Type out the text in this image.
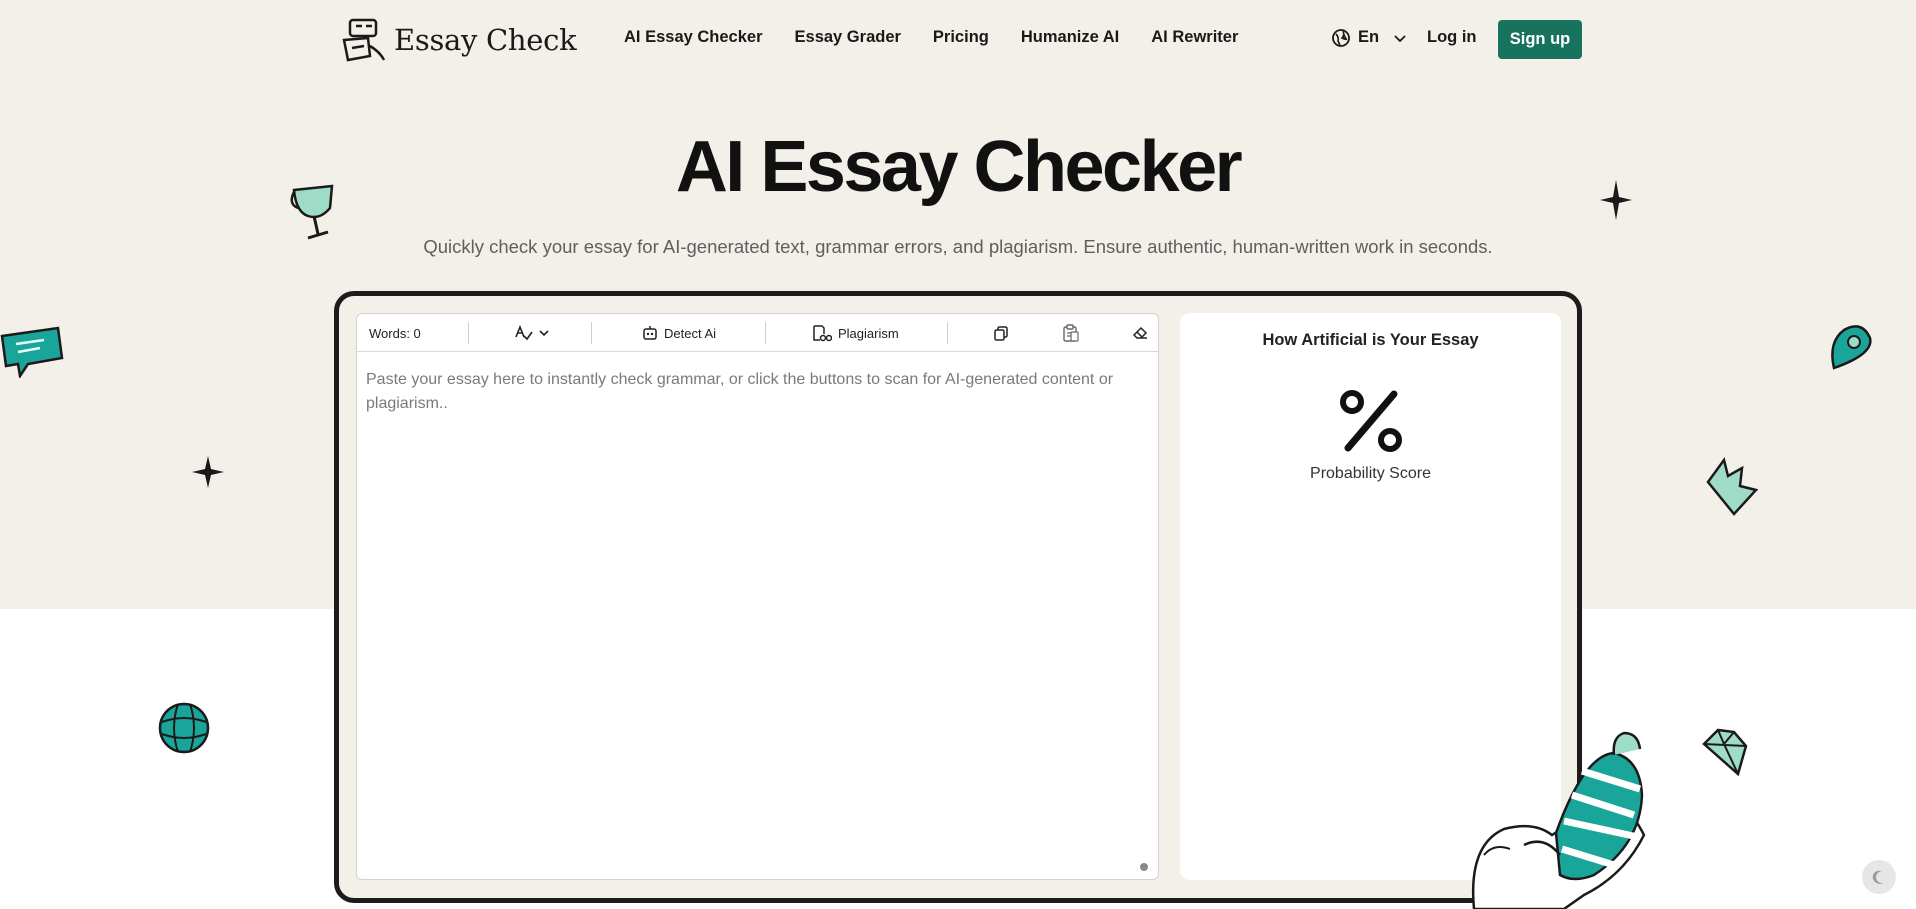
Essay Check	AI Essay Checker Essay Grader Pricing Humanize AI AI Rewriter	En	Log in	Sign up
AI Essay Checker

Quickly check your essay for AI-generated text, grammar errors, and plagiarism. Ensure authentic, human-written work in seconds.

Words: 0	Detect Ai	Plagiarism
Paste your essay here to instantly check grammar, or click the buttons to scan for AI-generated content or plagiarism..
How Artificial is Your Essay
Probability Score
